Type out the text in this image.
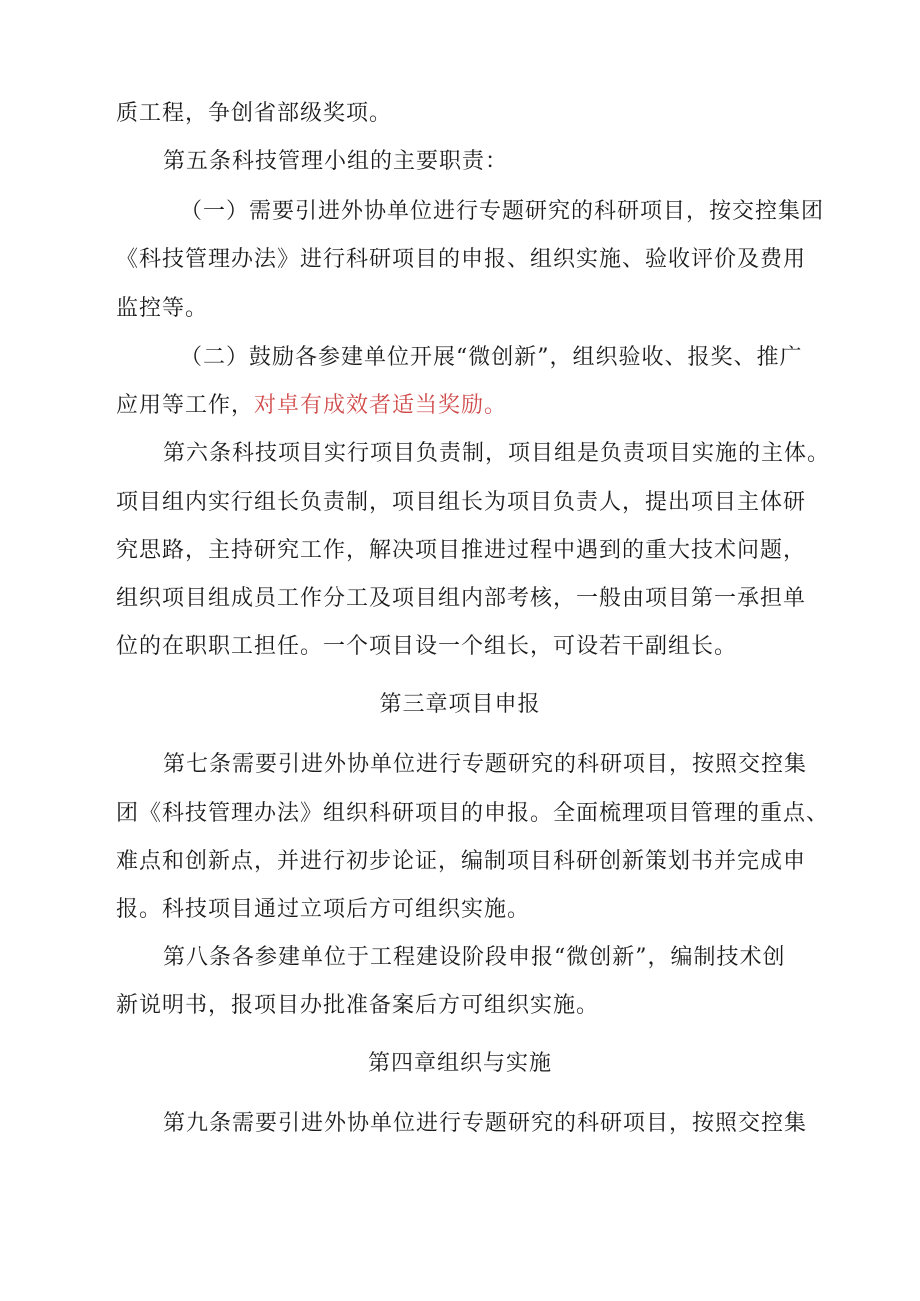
质工程，争创省部级奖项。
第五条科技管理小组的主要职责：
（一）需要引进外协单位进行专题研究的科研项目，按交控集团
《科技管理办法》进行科研项目的申报、组织实施、验收评价及费用
监控等。
（二）鼓励各参建单位开展“微创新”，组织验收、报奖、推广
应用等工作，对卓有成效者适当奖励。
第六条科技项目实行项目负责制，项目组是负责项目实施的主体。
项目组内实行组长负责制，项目组长为项目负责人，提出项目主体研
究思路，主持研究工作，解决项目推进过程中遇到的重大技术问题，
组织项目组成员工作分工及项目组内部考核，一般由项目第一承担单
位的在职职工担任。一个项目设一个组长，可设若干副组长。
第三章项目申报
第七条需要引进外协单位进行专题研究的科研项目，按照交控集
团《科技管理办法》组织科研项目的申报。全面梳理项目管理的重点、
难点和创新点，并进行初步论证，编制项目科研创新策划书并完成申
报。科技项目通过立项后方可组织实施。
第八条各参建单位于工程建设阶段申报“微创新”，编制技术创
新说明书，报项目办批准备案后方可组织实施。
第四章组织与实施
第九条需要引进外协单位进行专题研究的科研项目，按照交控集
